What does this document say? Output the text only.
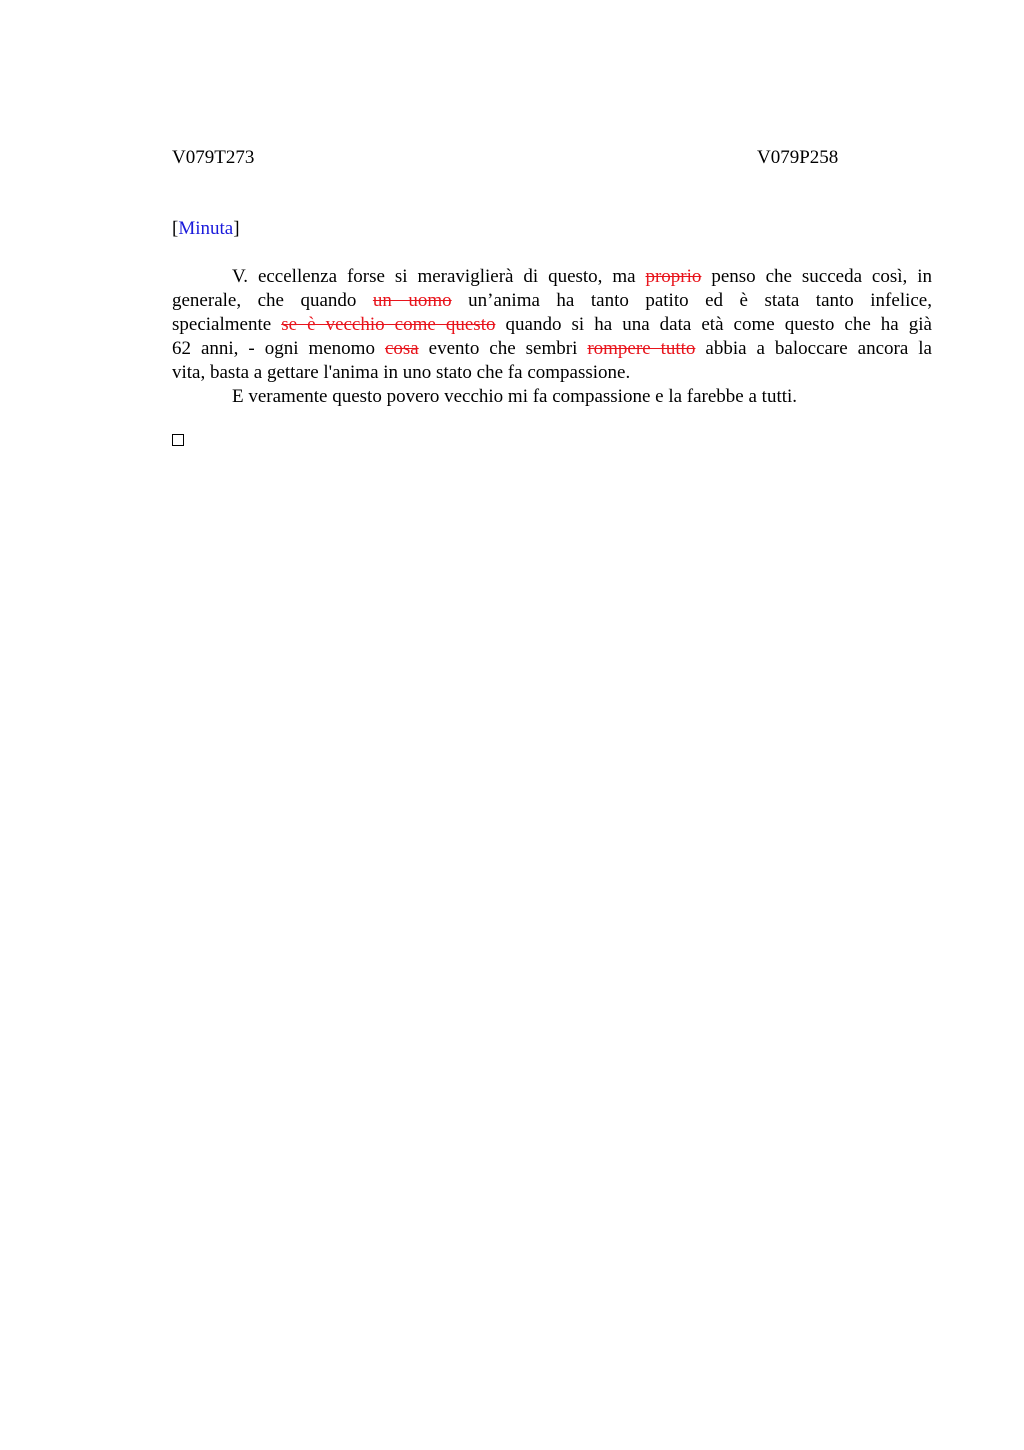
V079T273	V079P258
[Minuta]
V. eccellenza forse si meraviglierà di questo, ma proprio penso che succeda così, in
generale, che quando un uomo un’anima ha tanto patito ed è stata tanto infelice,
specialmente se è vecchio come questo quando si ha una data età come questo che ha già
62 anni, - ogni menomo cosa evento che sembri rompere tutto abbia a baloccare ancora la
vita, basta a gettare l'anima in uno stato che fa compassione.
E veramente questo povero vecchio mi fa compassione e la farebbe a tutti.
